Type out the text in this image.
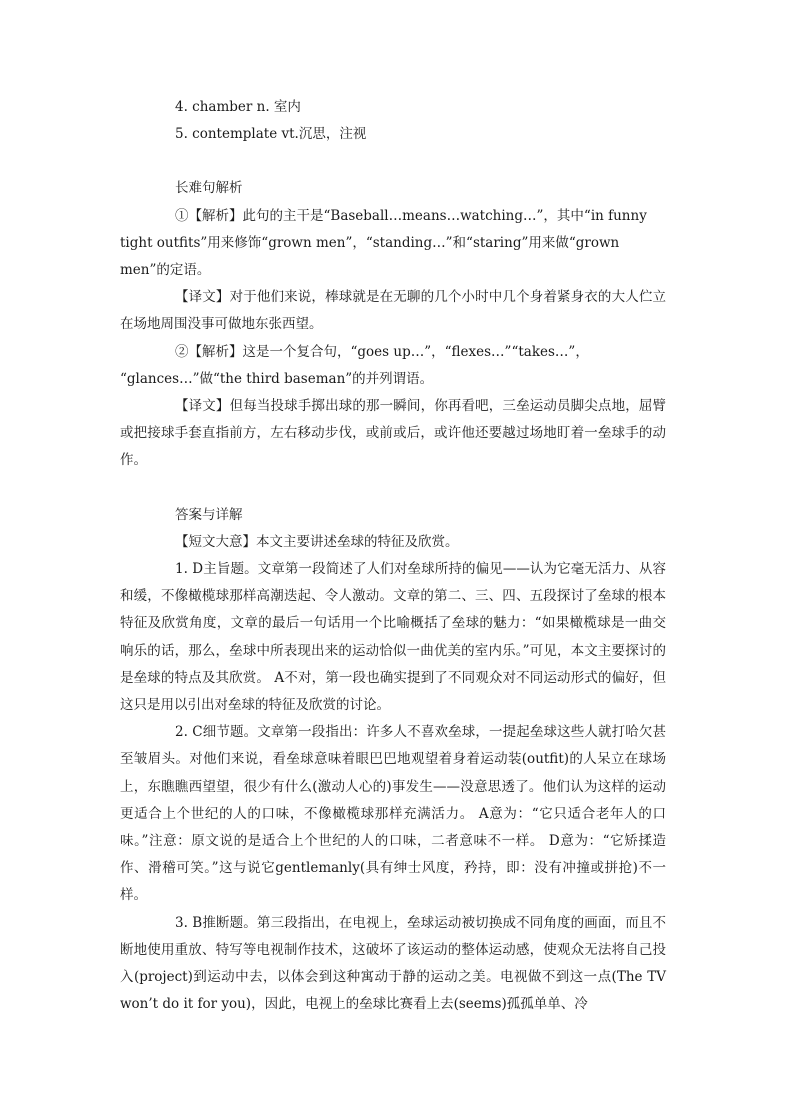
4. chamber n. 室内
5. contemplate vt.沉思，注视
长难句解析
①【解析】此句的主干是“Baseball…means…watching…”，其中“in funny
tight outfits”用来修饰“grown men”，“standing…”和“staring”用来做“grown
men”的定语。

【译文】对于他们来说，棒球就是在无聊的几个小时中几个身着紧身衣的大人伫立在场地周围没事可做地东张西望。

②【解析】这是一个复合句，“goes up…”，“flexes…”“takes…”，
“glances…”做“the third baseman”的并列谓语。

【译文】但每当投球手掷出球的那一瞬间，你再看吧，三垒运动员脚尖点地，屈臂或把接球手套直指前方，左右移动步伐，或前或后，或许他还要越过场地盯着一垒球手的动作。

答案与详解
【短文大意】本文主要讲述垒球的特征及欣赏。

1. D主旨题。文章第一段简述了人们对垒球所持的偏见——认为它毫无活力、从容和缓，不像橄榄球那样高潮迭起、令人激动。文章的第二、三、四、五段探讨了垒球的根本特征及欣赏角度，文章的最后一句话用一个比喻概括了垒球的魅力：“如果橄榄球是一曲交响乐的话，那么，垒球中所表现出来的运动恰似一曲优美的室内乐。”可见，本文主要探讨的是垒球的特点及其欣赏。 A不对，第一段也确实提到了不同观众对不同运动形式的偏好，但这只是用以引出对垒球的特征及欣赏的讨论。

2. C细节题。文章第一段指出：许多人不喜欢垒球，一提起垒球这些人就打哈欠甚至皱眉头。对他们来说，看垒球意味着眼巴巴地观望着身着运动装(outfit)的人呆立在球场上，东瞧瞧西望望，很少有什么(激动人心的)事发生——没意思透了。他们认为这样的运动更适合上个世纪的人的口味，不像橄榄球那样充满活力。 A意为：“它只适合老年人的口味。”注意：原文说的是适合上个世纪的人的口味，二者意味不一样。 D意为：“它矫揉造作、滑稽可笑。”这与说它gentlemanly(具有绅士风度，矜持，即：没有冲撞或拼抢)不一样。

3. B推断题。第三段指出，在电视上，垒球运动被切换成不同角度的画面，而且不断地使用重放、特写等电视制作技术，这破坏了该运动的整体运动感，使观众无法将自己投入(project)到运动中去，以体会到这种寓动于静的运动之美。电视做不到这一点(The TV won’t do it for you)，因此，电视上的垒球比赛看上去(seems)孤孤单单、冷
